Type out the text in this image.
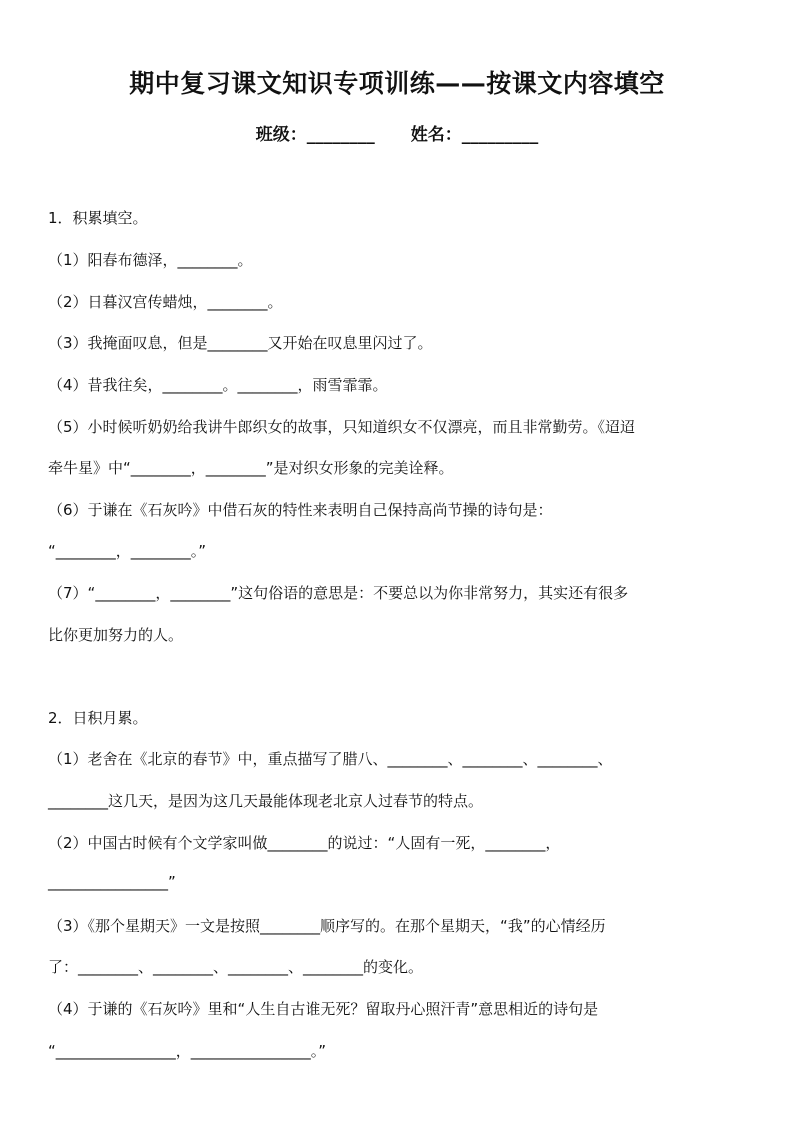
期中复习课文知识专项训练——按课文内容填空
班级：________ 姓名：_________
1．积累填空。
（1）阳春布德泽，________。
（2）日暮汉宫传蜡烛，________。
（3）我掩面叹息，但是________又开始在叹息里闪过了。
（4）昔我往矣，________。________，雨雪霏霏。
（5）小时候听奶奶给我讲牛郎织女的故事，只知道织女不仅漂亮，而且非常勤劳。《迢迢
牵牛星》中“________，________”是对织女形象的完美诠释。
（6）于谦在《石灰吟》中借石灰的特性来表明自己保持高尚节操的诗句是：
“________，________。”
（7）“________，________”这句俗语的意思是：不要总以为你非常努力，其实还有很多
比你更加努力的人。
2．日积月累。
（1）老舍在《北京的春节》中，重点描写了腊八、________、________、________、
________这几天，是因为这几天最能体现老北京人过春节的特点。
（2）中国古时候有个文学家叫做________的说过：“人固有一死，________，
________________”
（3）《那个星期天》一文是按照________顺序写的。在那个星期天，“我”的心情经历
了：________、________、________、________的变化。
（4）于谦的《石灰吟》里和“人生自古谁无死？留取丹心照汗青”意思相近的诗句是
“________________，________________。”
